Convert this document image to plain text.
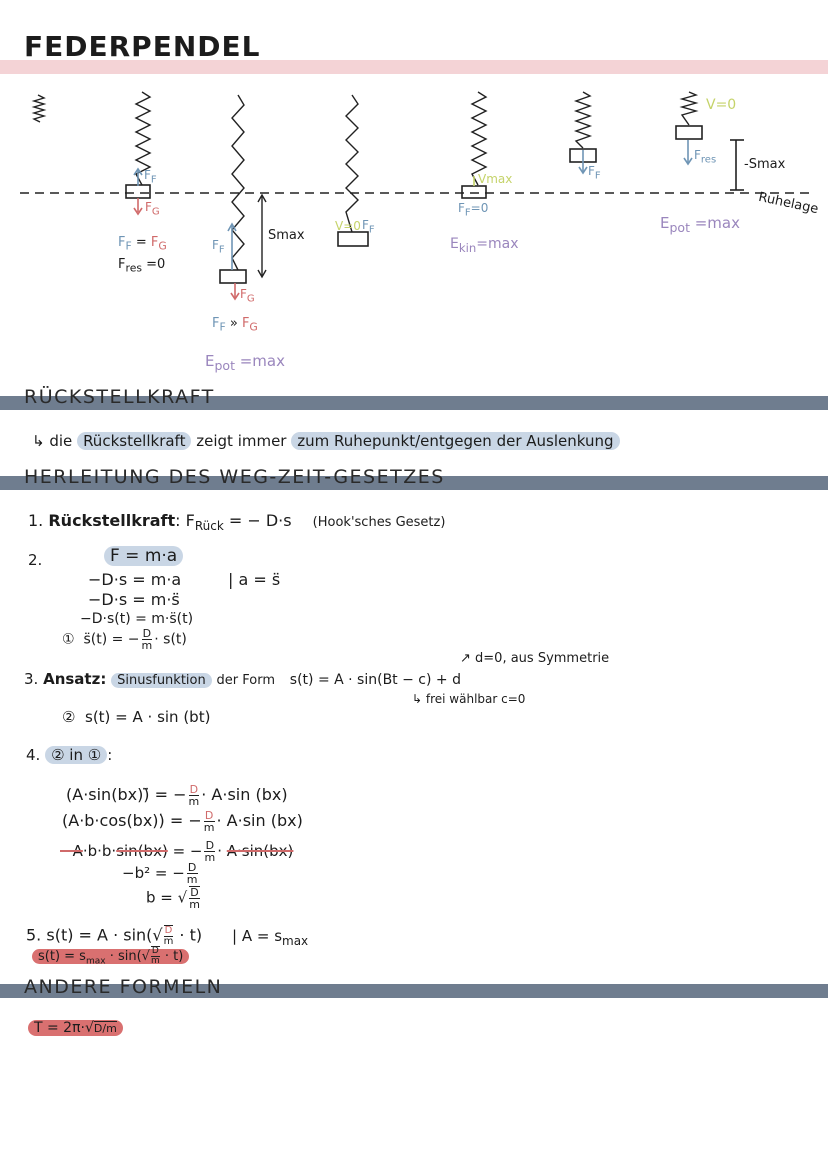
FEDERPENDEL
$F_F$
$F_G$
$F_F = F_G$
$F_{res} =0$
$F_F$
$F_G$
Smax
$F_F$ » $F_G$
$E_{pot} =\max$
V=0 $F_F$
Vmax
$F_F=0$
$E_{kin}=\max$
$F_F$
V=0
$F_{res}$ -Smax
$E_{pot} =\max$
Ruhelage
RÜCKSTELLKRAFT
↳ die Rückstellkraft zeigt immer zum Ruhepunkt/entgegen der Auslenkung
HERLEITUNG DES WEG-ZEIT-GESETZES
1. Rückstellkraft: $F_{Rück}$ = − D·s (Hook'sches Gesetz)
2.	F = m·a
−D·s = m·a	| a = s̈
−D·s = m·s̈
−D·s(t) = m·s̈(t)
① s̈(t) = − $\frac{D}{m} \cdot s(t)$
↗ d=0, aus Symmetrie
3. Ansatz: Sinusfunktion der Form s(t) = A · sin(Bt − c) + d
↳ frei wählbar c=0
② s(t) = A · sin (bt)
4. ② in ① :
(A·sin(bx))̈ = − $\frac{D}{m} \cdot A\cdot\sin$ (bx)
(A·b·cos(bx))̇ = − $\frac{D}{m} \cdot A\cdot\sin$ (bx)
−A·b·b·sin(bx) = − $\frac{D}{m} \cdot A\cdot\sin(bx)$
−b² = − $\frac{D}{m}$
b = √ $\frac{D}{m}$
5. $s(t) = A \cdot \sin(√ \frac{D}{m} \cdot t)$ | $A = s_{max}$
$s(t) = s_{max} \cdot \sin(√ \frac{D}{m} \cdot t)$
ANDERE FORMELN
T = 2π·√D/m
